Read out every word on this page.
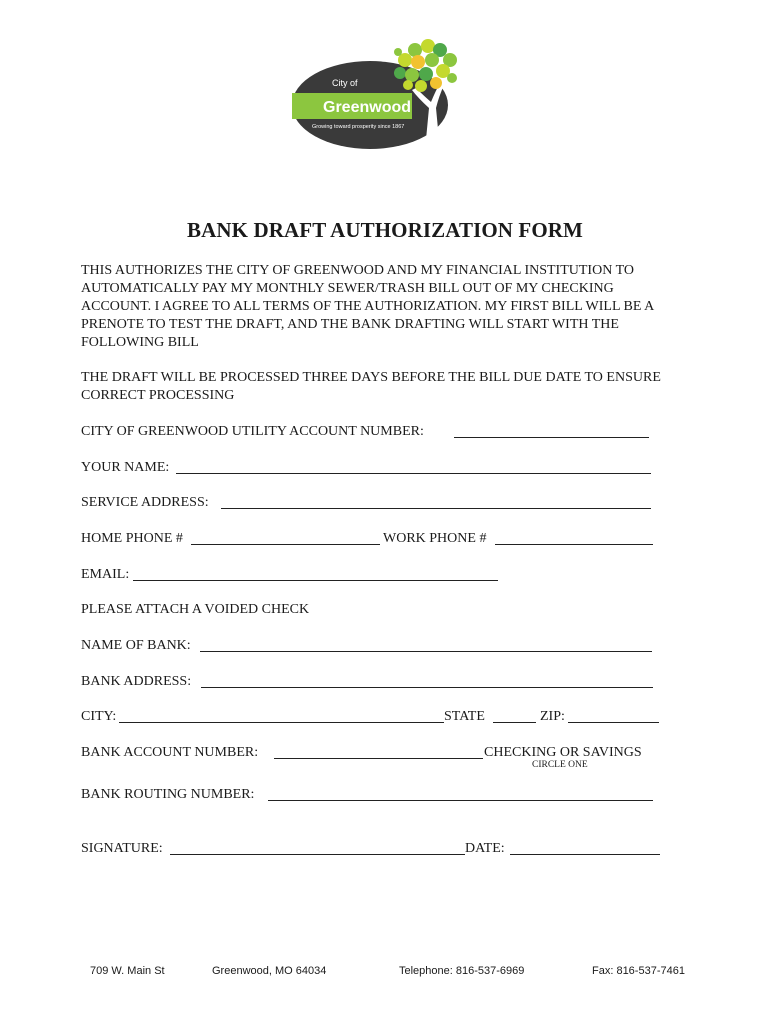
City of
Greenwood
Growing toward prosperity since 1867
BANK DRAFT AUTHORIZATION FORM

THIS AUTHORIZES THE CITY OF GREENWOOD AND MY FINANCIAL INSTITUTION TO AUTOMATICALLY PAY MY MONTHLY SEWER/TRASH BILL OUT OF MY CHECKING ACCOUNT. I AGREE TO ALL TERMS OF THE AUTHORIZATION. MY FIRST BILL WILL BE A PRENOTE TO TEST THE DRAFT, AND THE BANK DRAFTING WILL START WITH THE FOLLOWING BILL

THE DRAFT WILL BE PROCESSED THREE DAYS BEFORE THE BILL DUE DATE TO ENSURE CORRECT PROCESSING

CITY OF GREENWOOD UTILITY ACCOUNT NUMBER:
YOUR NAME:
SERVICE ADDRESS:
HOME PHONE #	WORK PHONE #
EMAIL:
PLEASE ATTACH A VOIDED CHECK
NAME OF BANK:
BANK ADDRESS:
CITY:	STATE	ZIP:
BANK ACCOUNT NUMBER:	CHECKING OR SAVINGS
CIRCLE ONE
BANK ROUTING NUMBER:
SIGNATURE:	DATE:
709 W. Main St	Greenwood, MO 64034	Telephone: 816-537-6969	Fax: 816-537-7461
